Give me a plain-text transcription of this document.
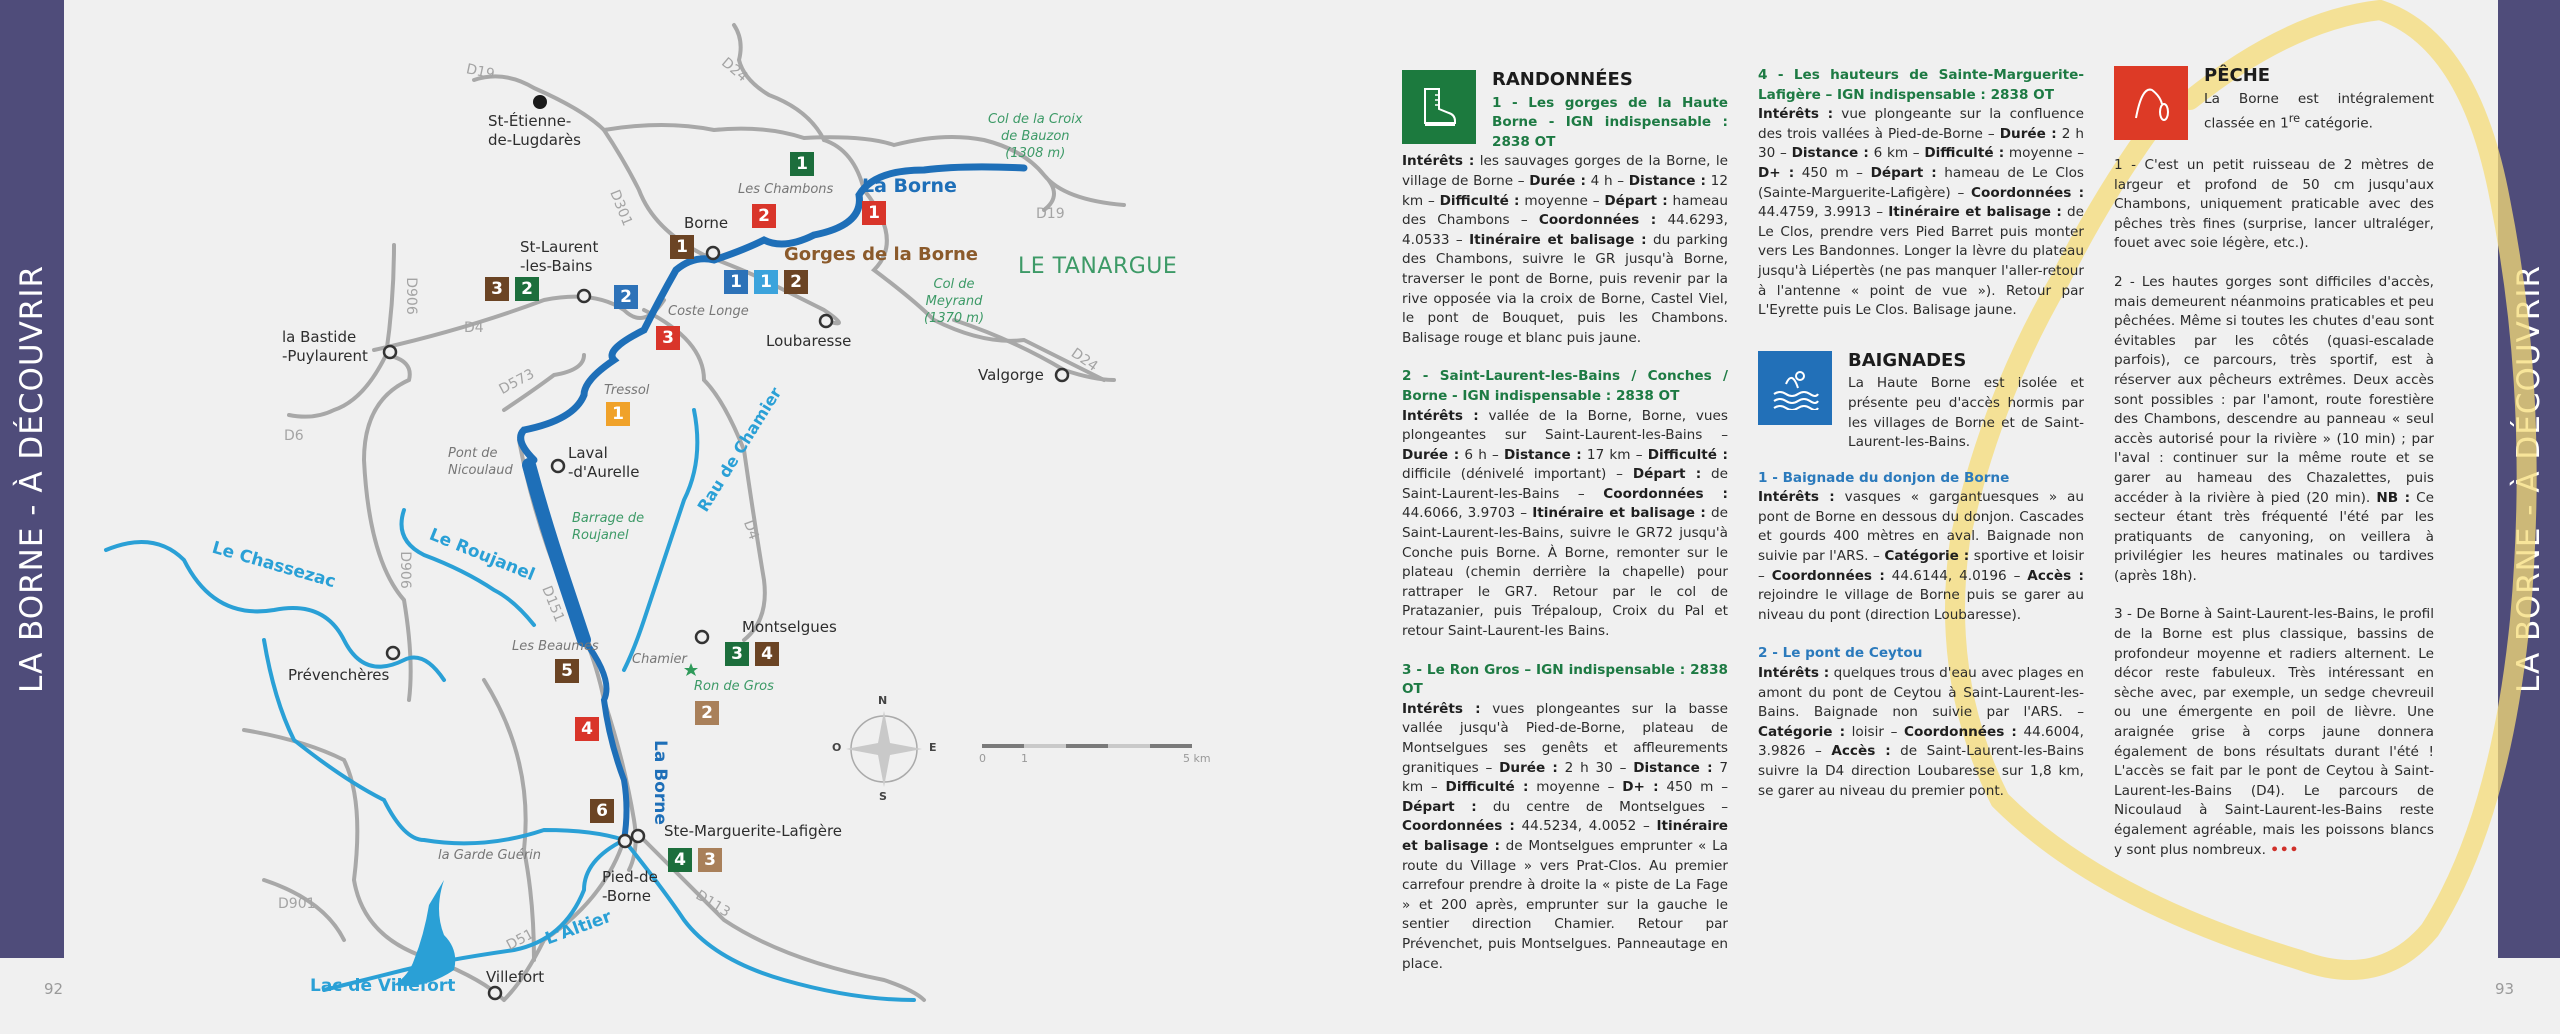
LA BORNE - À DÉCOUVRIR	LA BORNE - À DÉCOUVRIR
92	93
N
S
E
O
0	1	5 km
St-Étienne-
de-Lugdarès
Borne
St-Laurent
-les-Bains
la Bastide
-Puylaurent
Loubaresse
Valgorge
Laval
-d'Aurelle
Montselgues
Prévenchères
Ste-Marguerite-Lafigère
Pied-de
-Borne
Villefort
Les Chambons
Coste Longe
Tressol
Pont de
Nicoulaud
Les Beaumes
Chamier
la Garde Guérin
Col de la Croix
de Bauzon
(1308 m)
Col de
Meyrand
(1370 m)
Barrage de
Roujanel
Ron de Gros
LE TANARGUE
D19
D19
D24
D24
D301
D906
D906
D4
D4
D6
D573
D151
D113
D901
D51
La Borne
Gorges de la Borne
La Borne
Le Chassezac	Le Roujanel
Rau de Chamier
L'Altier
Lac de Villefort
1
2	1
1
1	1	2
3	2	2
3
1
3	4
5
4
2
6
4	3
RANDONNÉES
1 - Les gorges de la Haute Borne - IGN indispensable : 2838 OT

Intérêts : les sauvages gorges de la Borne, le village de Borne – Durée : 4 h – Distance : 12 km – Difficulté : moyenne – Départ : hameau des Chambons – Coordonnées : 44.6293, 4.0533 – Itinéraire et balisage : du parking des Chambons, suivre le GR jusqu'à Borne, traverser le pont de Borne, puis revenir par la rive opposée via la croix de Borne, Castel Viel, le pont de Bouquet, puis les Chambons. Balisage rouge et blanc puis jaune.

2 - Saint-Laurent-les-Bains / Conches / Borne - IGN indispensable : 2838 OT

Intérêts : vallée de la Borne, Borne, vues plongeantes sur Saint-Laurent-les-Bains – Durée : 6 h – Distance : 17 km – Difficulté : difficile (dénivelé important) – Départ : de Saint-Laurent-les-Bains – Coordonnées : 44.6066, 3.9703 – Itinéraire et balisage : de Saint-Laurent-les-Bains, suivre le GR72 jusqu'à Conche puis Borne. À Borne, remonter sur le plateau (chemin derrière la chapelle) pour rattraper le GR7. Retour par le col de Pratazanier, puis Trépaloup, Croix du Pal et retour Saint-Laurent-les Bains.

3 - Le Ron Gros – IGN indispensable : 2838 OT

Intérêts : vues plongeantes sur la basse vallée jusqu'à Pied-de-Borne, plateau de Montselgues ses genêts et affleurements granitiques – Durée : 2 h 30 – Distance : 7 km – Difficulté : moyenne – D+ : 450 m – Départ : du centre de Montselgues – Coordonnées : 44.5234, 4.0052 – Itinéraire et balisage : de Montselgues emprunter « La route du Village » vers Prat-Clos. Au premier carrefour prendre à droite la « piste de La Fage » et 200 après, emprunter sur la gauche le sentier direction Chamier. Retour par Prévenchet, puis Montselgues. Panneautage en place.

4 - Les hauteurs de Sainte-Marguerite-Lafigère – IGN indispensable : 2838 OT

Intérêts : vue plongeante sur la confluence des trois vallées à Pied-de-Borne – Durée : 2 h 30 – Distance : 6 km – Difficulté : moyenne – D+ : 450 m – Départ : hameau de Le Clos (Sainte-Marguerite-Lafigère) – Coordonnées : 44.4759, 3.9913 – Itinéraire et balisage : de Le Clos, prendre vers Pied Barret puis monter vers Les Bandonnes. Longer la lèvre du plateau jusqu'à Liépertès (ne pas manquer l'aller-retour à l'antenne « point de vue »). Retour par L'Eyrette puis Le Clos. Balisage jaune.

BAIGNADES
La Haute Borne est isolée et présente peu d'accès hormis par les villages de Borne et de Saint-Laurent-les-Bains.
1 - Baignade du donjon de Borne

Intérêts : vasques « gargantuesques » au pont de Borne en dessous du donjon. Cascades et gourds 400 mètres en aval. Baignade non suivie par l'ARS. – Catégorie : sportive et loisir – Coordonnées : 44.6144, 4.0196 – Accès : rejoindre le village de Borne puis se garer au niveau du pont (direction Loubaresse).

2 - Le pont de Ceytou

Intérêts : quelques trous d'eau avec plages en amont du pont de Ceytou à Saint-Laurent-les-Bains. Baignade non suivie par l'ARS. – Catégorie : loisir – Coordonnées : 44.6004, 3.9826 – Accès : de Saint-Laurent-les-Bains suivre la D4 direction Loubaresse sur 1,8 km, se garer au niveau du premier pont.

PÊCHE
La Borne est intégralement classée en 1re catégorie.

1 - C'est un petit ruisseau de 2 mètres de largeur et profond de 50 cm jusqu'aux Chambons, uniquement praticable avec des pêches très fines (surprise, lancer ultraléger, fouet avec soie légère, etc.).

2 - Les hautes gorges sont difficiles d'accès, mais demeurent néanmoins praticables et peu pêchées. Même si toutes les chutes d'eau sont évitables par les côtés (quasi-escalade parfois), ce parcours, très sportif, est à réserver aux pêcheurs extrêmes. Deux accès sont possibles : par l'amont, route forestière des Chambons, descendre au panneau « seul accès autorisé pour la rivière » (10 min) ; par l'aval : continuer sur la même route et se garer au hameau des Chazalettes, puis accéder à la rivière à pied (20 min). NB : Ce secteur étant très fréquenté l'été par les pratiquants de canyoning, on veillera à privilégier les heures matinales ou tardives (après 18h).

3 - De Borne à Saint-Laurent-les-Bains, le profil de la Borne est plus classique, bassins de profondeur moyenne et radiers alternent. Le décor reste fabuleux. Très intéressant en sèche avec, par exemple, un sedge chevreuil ou une émergente en poil de lièvre. Une araignée grise à corps jaune donnera également de bons résultats durant l'été ! L'accès se fait par le pont de Ceytou à Saint-Laurent-les-Bains (D4). Le parcours de Nicoulaud à Saint-Laurent-les-Bains reste également agréable, mais les poissons blancs y sont plus nombreux. •••
